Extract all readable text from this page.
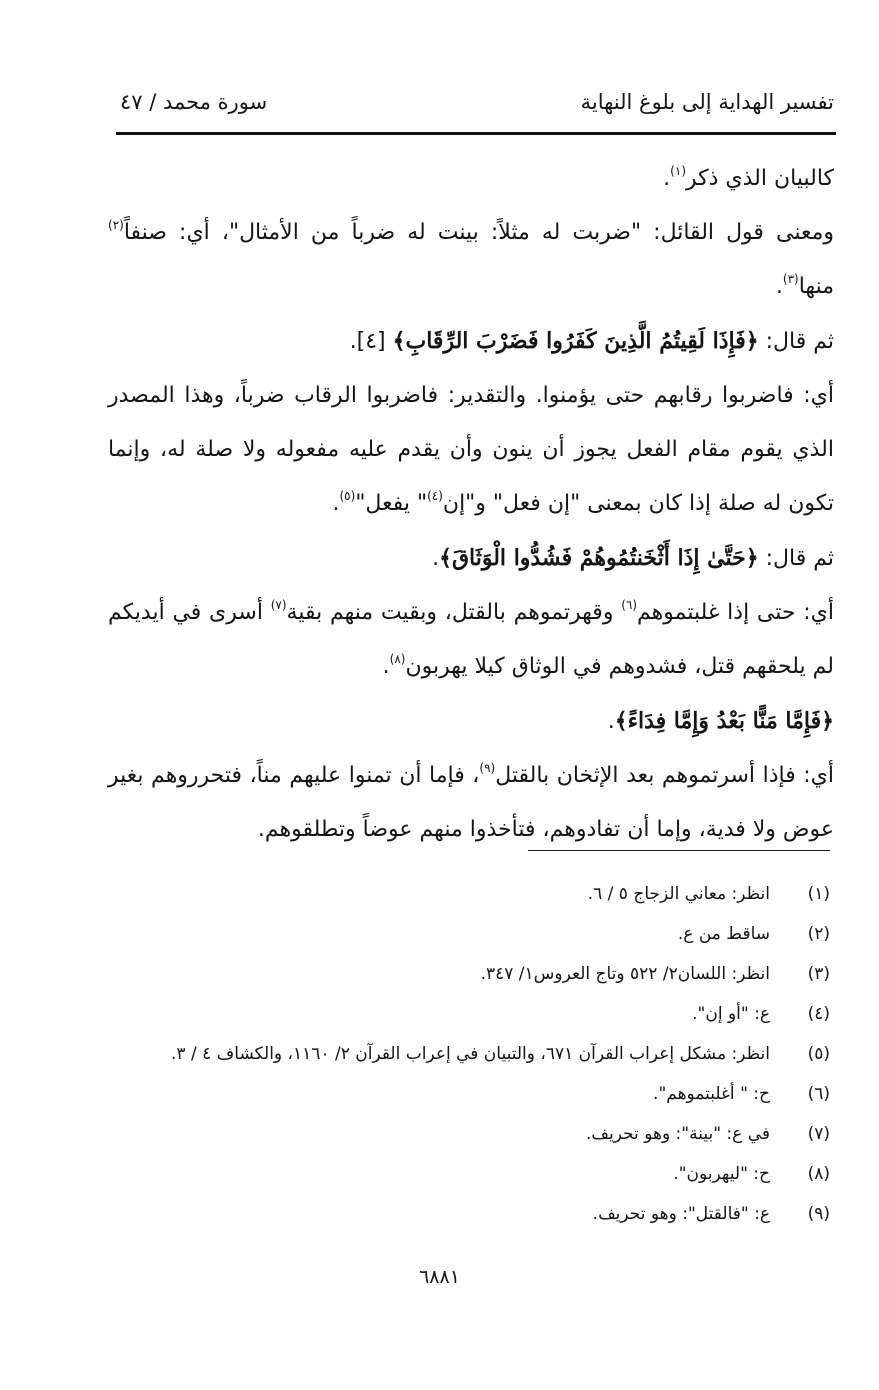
تفسير الهداية إلى بلوغ النهاية
سورة محمد / ٤٧

كالبيان الذي ذكر$^{(١)}$.

ومعنى قول القائل: "ضربت له مثلاً: بينت له ضرباً من الأمثال"، أي: صنفاً$^{(٢)}$ منها$^{(٣)}$.

ثم قال: ﴿فَإِذَا لَقِيتُمُ الَّذِينَ كَفَرُوا فَضَرْبَ الرِّقَابِ﴾ [٤].

أي: فاضربوا رقابهم حتى يؤمنوا. والتقدير: فاضربوا الرقاب ضرباً، وهذا المصدر الذي يقوم مقام الفعل يجوز أن ينون وأن يقدم عليه مفعوله ولا صلة له، وإنما تكون له صلة إذا كان بمعنى "إن فعل" و"إن$^{(٤)}$" يفعل"$^{(٥)}$.

ثم قال: ﴿حَتَّىٰ إِذَا أَثْخَنتُمُوهُمْ فَشُدُّوا الْوَثَاقَ﴾.

أي: حتى إذا غلبتموهم$^{(٦)}$ وقهرتموهم بالقتل، وبقيت منهم بقية$^{(٧)}$ أسرى في أيديكم لم يلحقهم قتل، فشدوهم في الوثاق كيلا يهربون$^{(٨)}$.

﴿فَإِمَّا مَنًّا بَعْدُ وَإِمَّا فِدَاءً﴾.

أي: فإذا أسرتموهم بعد الإثخان بالقتل$^{(٩)}$، فإما أن تمنوا عليهم مناً، فتحرروهم بغير عوض ولا فدية، وإما أن تفادوهم، فتأخذوا منهم عوضاً وتطلقوهم.

(١)انظر: معاني الزجاج ٥ / ٦.
(٢)ساقط من ع.
(٣)انظر: اللسان٢/ ٥٢٢ وتاج العروس١/ ٣٤٧.
(٤)ع: "أو إن".
(٥)انظر: مشكل إعراب القرآن ٦٧١، والتبيان في إعراب القرآن ٢/ ١١٦٠، والكشاف ٤ / ٣.
(٦)ح: " أغلبتموهم".
(٧)في ع: "بينة": وهو تحريف.
(٨)ح: "ليهربون".
(٩)ع: "فالقتل": وهو تحريف.
٦٨٨١
